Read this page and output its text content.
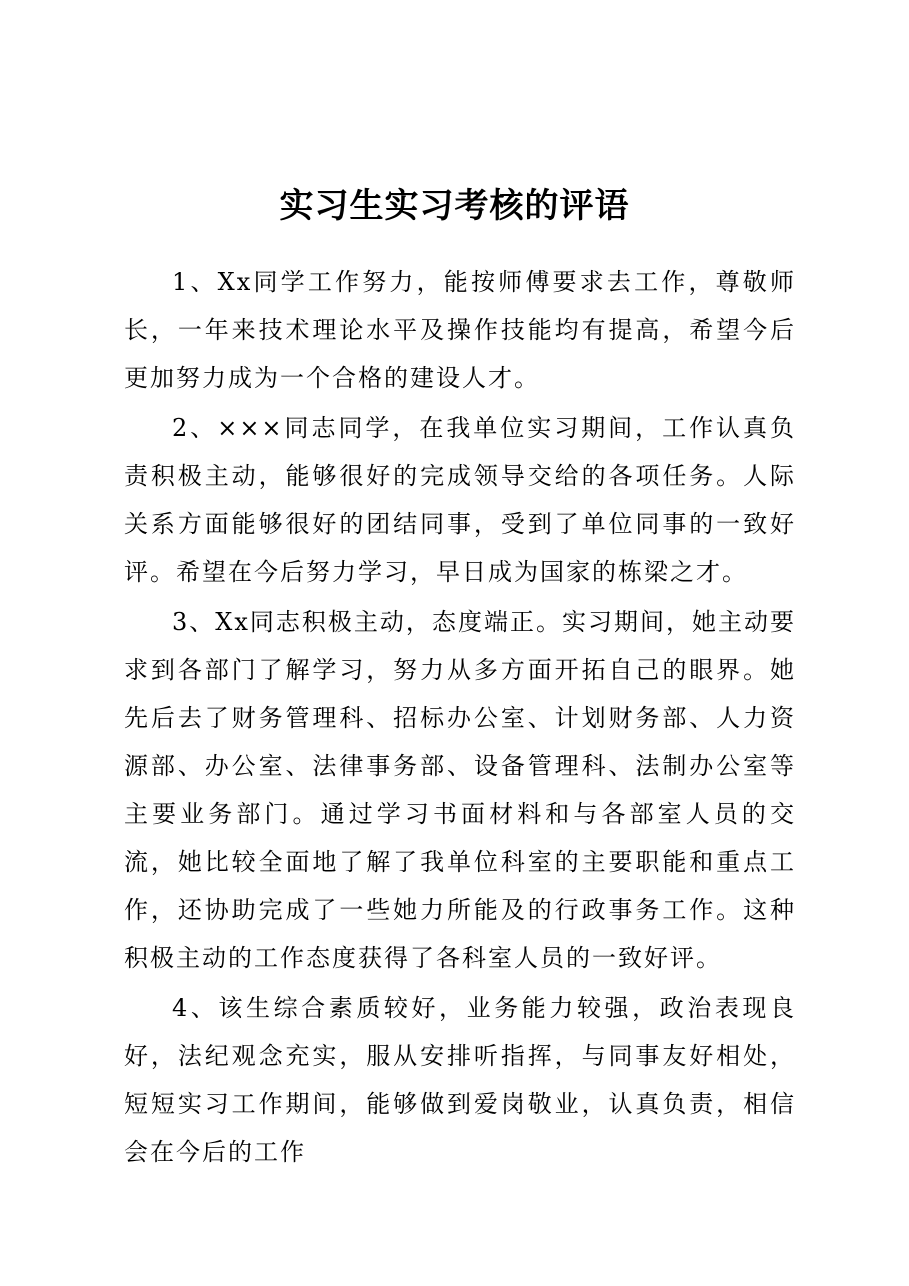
实习生实习考核的评语

1、Xx同学工作努力，能按师傅要求去工作，尊敬师长，一年来技术理论水平及操作技能均有提高，希望今后更加努力成为一个合格的建设人才。

2、×××同志同学，在我单位实习期间，工作认真负责积极主动，能够很好的完成领导交给的各项任务。人际关系方面能够很好的团结同事，受到了单位同事的一致好评。希望在今后努力学习，早日成为国家的栋梁之才。

3、Xx同志积极主动，态度端正。实习期间，她主动要求到各部门了解学习，努力从多方面开拓自己的眼界。她先后去了财务管理科、招标办公室、计划财务部、人力资源部、办公室、法律事务部、设备管理科、法制办公室等主要业务部门。通过学习书面材料和与各部室人员的交流，她比较全面地了解了我单位科室的主要职能和重点工作，还协助完成了一些她力所能及的行政事务工作。这种积极主动的工作态度获得了各科室人员的一致好评。

4、该生综合素质较好，业务能力较强，政治表现良好，法纪观念充实，服从安排听指挥，与同事友好相处，短短实习工作期间，能够做到爱岗敬业，认真负责，相信会在今后的工作
